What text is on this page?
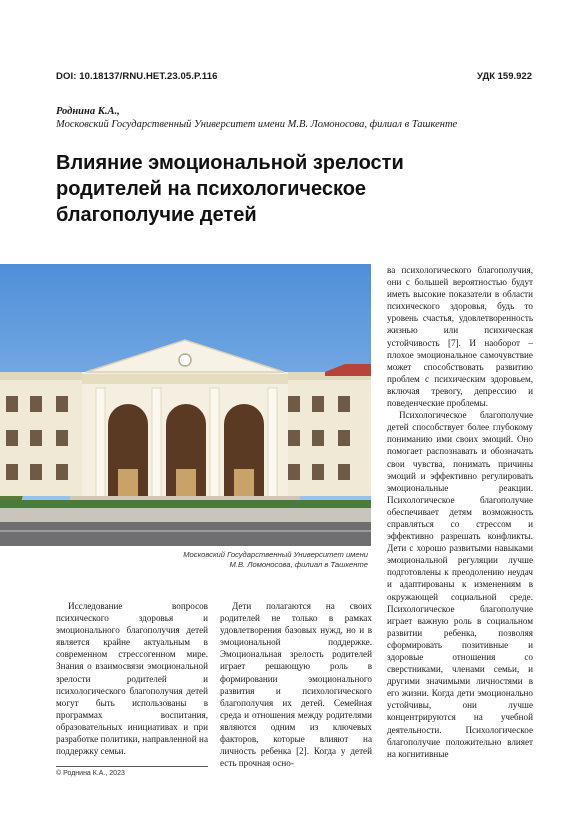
DOI: 10.18137/RNU.HET.23.05.P.116	УДК 159.922
Роднина К.А.,
Московский Государственный Университет имени М.В. Ломоносова, филиал в Ташкенте
Влияние эмоциональной зрелости родителей на психологическое благополучие детей
Московский Государственный Университет имени
М.В. Ломоносова, филиал в Ташкенте

ва психологического благополучия, они с большей вероятностью будут иметь высокие показатели в области психического здоровья, будь то уровень счастья, удовлетворенность жизнью или психическая устойчивость [7]. И наоборот – плохое эмоциональное самочувствие может способствовать развитию проблем с психическим здоровьем, включая тревогу, депрессию и поведенческие проблемы.

Психологическое благополучие детей способствует более глубокому пониманию ими своих эмоций. Оно помогает распознавать и обозначать свои чувства, понимать причины эмоций и эффективно регулировать эмоциональные реакции. Психологическое благополучие обеспечивает детям возможность справляться со стрессом и эффективно разрешать конфликты. Дети с хорошо развитыми навыками эмоциональной регуляции лучше подготовлены к преодолению неудач и адаптированы к изменениям в окружающей социальной среде. Психологическое благополучие играет важную роль в социальном развитии ребенка, позволяя сформировать позитивные и здоровые отношения со сверстниками, членами семьи, и другими значимыми личностями в его жизни. Когда дети эмоционально устойчивы, они лучше концентрируются на учебной деятельности. Психологическое благополучие положительно влияет на когнитивные

Исследование вопросов психического здоровья и эмоционального благополучия детей является крайне актуальным в современном стрессогенном мире. Знания о взаимосвязи эмоциональной зрелости родителей и психологического благополучия детей могут быть использованы в программах воспитания, образовательных инициативах и при разработке политики, направленной на поддержку семьи.

Дети полагаются на своих родителей не только в рамках удовлетворения базовых нужд, но и в эмоциональной поддержке. Эмоциональная зрелость родителей играет решающую роль в формировании эмоционального развития и психологического благополучия их детей. Семейная среда и отношения между родителями являются одним из ключевых факторов, которые влияют на личность ребенка [2]. Когда у детей есть прочная осно-

© Роднина К.А., 2023
